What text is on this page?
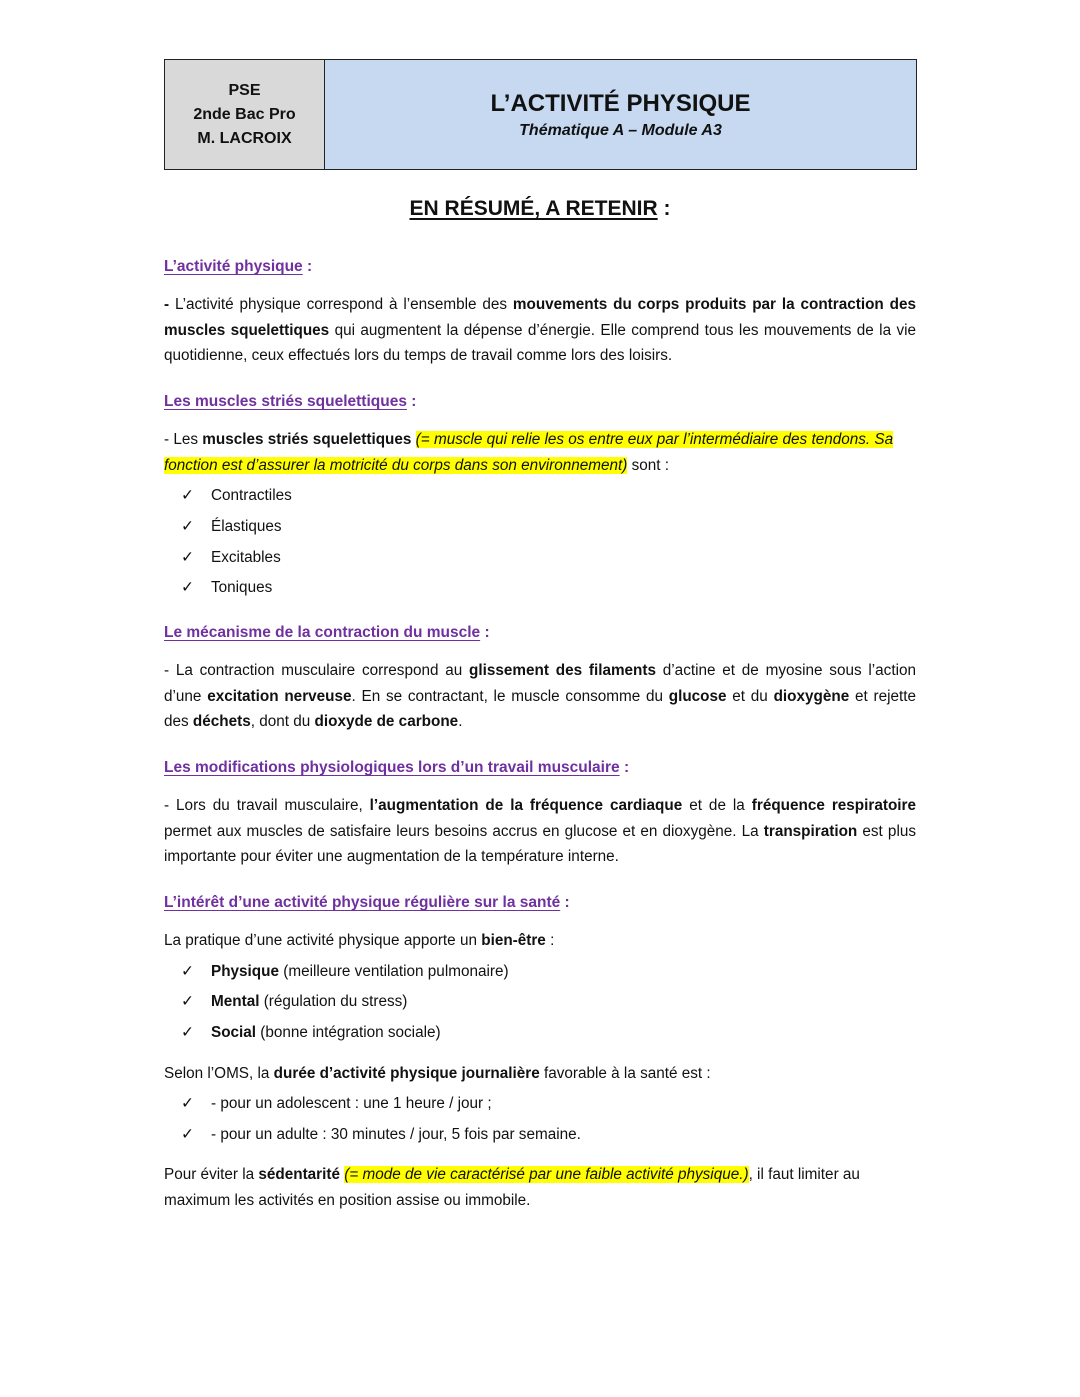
PSE
2nde Bac Pro
M. LACROIX
L’ACTIVITÉ PHYSIQUE
Thématique A – Module A3
EN RÉSUMÉ, A RETENIR :
L’activité physique :
- L’activité physique correspond à l’ensemble des mouvements du corps produits par la contraction des muscles squelettiques qui augmentent la dépense d’énergie. Elle comprend tous les mouvements de la vie quotidienne, ceux effectués lors du temps de travail comme lors des loisirs.
Les muscles striés squelettiques :
- Les muscles striés squelettiques (= muscle qui relie les os entre eux par l’intermédiaire des tendons. Sa fonction est d’assurer la motricité du corps dans son environnement) sont :
✓ Contractiles
✓ Élastiques
✓ Excitables
✓ Toniques
Le mécanisme de la contraction du muscle :
- La contraction musculaire correspond au glissement des filaments d’actine et de myosine sous l’action d’une excitation nerveuse. En se contractant, le muscle consomme du glucose et du dioxygène et rejette des déchets, dont du dioxyde de carbone.
Les modifications physiologiques lors d’un travail musculaire :
- Lors du travail musculaire, l’augmentation de la fréquence cardiaque et de la fréquence respiratoire permet aux muscles de satisfaire leurs besoins accrus en glucose et en dioxygène. La transpiration est plus importante pour éviter une augmentation de la température interne.
L’intérêt d’une activité physique régulière sur la santé :
La pratique d’une activité physique apporte un bien-être :
✓ Physique (meilleure ventilation pulmonaire)
✓ Mental (régulation du stress)
✓ Social (bonne intégration sociale)
Selon l’OMS, la durée d’activité physique journalière favorable à la santé est :
✓ - pour un adolescent : une 1 heure / jour ;
✓ - pour un adulte : 30 minutes / jour, 5 fois par semaine.
Pour éviter la sédentarité (= mode de vie caractérisé par une faible activité physique.), il faut limiter au maximum les activités en position assise ou immobile.
